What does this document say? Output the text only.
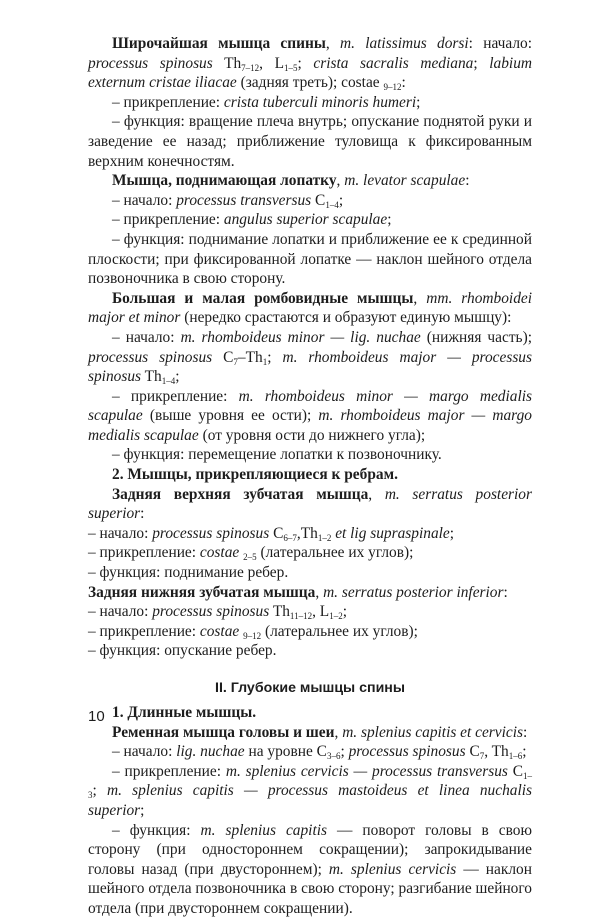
Широчайшая мышца спины, m. latissimus dorsi: начало: processus spinosus $Th_{7-12}$, $L_{1-5}$; crista sacralis mediana; labium externum cristae iliacae (задняя треть); costae $_{9-12}$:

– прикрепление: crista tuberculi minoris humeri;

– функция: вращение плеча внутрь; опускание поднятой руки и заведение ее назад; приближение туловища к фиксированным верхним конечностям.

Мышца, поднимающая лопатку, m. levator scapulae:

– начало: processus transversus $C_{1-4}$;

– прикрепление: angulus superior scapulae;

– функция: поднимание лопатки и приближение ее к срединной плоскости; при фиксированной лопатке — наклон шейного отдела позвоночника в свою сторону.

Большая и малая ромбовидные мышцы, mm. rhomboidei major et minor (нередко срастаются и образуют единую мышцу):

– начало: m. rhomboideus minor — lig. nuchae (нижняя часть); processus spinosus $C_7-Th_1$; m. rhomboideus major — processus spinosus $Th_{1-4}$;

– прикрепление: m. rhomboideus minor — margo medialis scapulae (выше уровня ее ости); m. rhomboideus major — margo medialis scapulae (от уровня ости до нижнего угла);

– функция: перемещение лопатки к позвоночнику.

2. Мышцы, прикрепляющиеся к ребрам.

Задняя верхняя зубчатая мышца, m. serratus posterior superior:

– начало: processus spinosus $C_{6-7},Th_{1-2}$ et lig supraspinale;

– прикрепление: costae $_{2-5}$ (латеральнее их углов);

– функция: поднимание ребер.

Задняя нижняя зубчатая мышца, m. serratus posterior inferior:

– начало: processus spinosus $Th_{11-12}$, $L_{1-2}$;

– прикрепление: costae $_{9-12}$ (латеральнее их углов);

– функция: опускание ребер.

II. Глубокие мышцы спины

1. Длинные мышцы.

Ременная мышца головы и шеи, m. splenius capitis et cervicis:

– начало: lig. nuchae на уровне $C_{3-6}$; processus spinosus $C_7$, $Th_{1-6}$;

– прикрепление: m. splenius cervicis — processus transversus $C_{1-3}$; m. splenius capitis — processus mastoideus et linea nuchalis superior;

– функция: m. splenius capitis — поворот головы в свою сторону (при одностороннем сокращении); запрокидывание головы назад (при двустороннем); m. splenius cervicis — наклон шейного отдела позвоночника в свою сторону; разгибание шейного отдела (при двустороннем сокращении).

10
